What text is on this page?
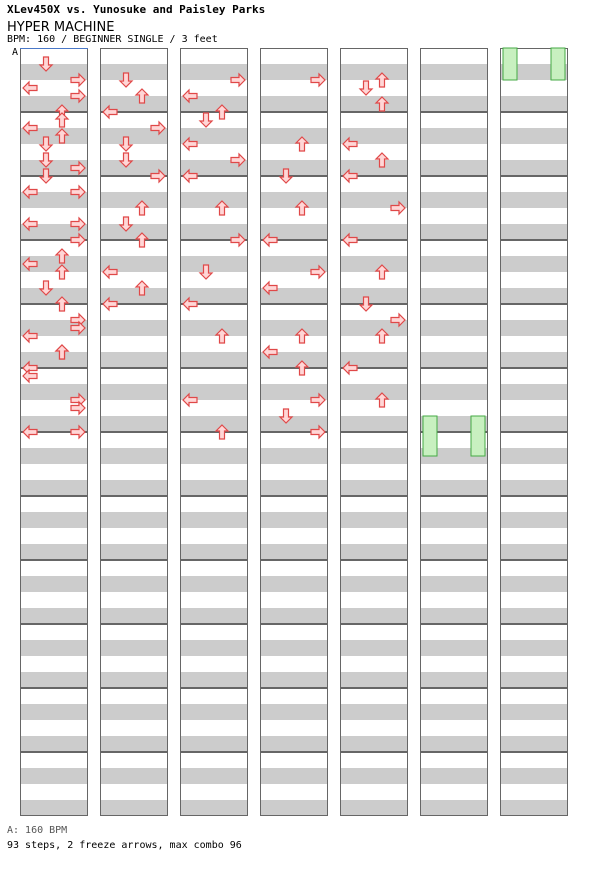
XLev450X vs. Yunosuke and Paisley Parks
HYPER MACHINE
BPM: 160 / BEGINNER SINGLE / 3 feet
A
A: 160 BPM
93 steps, 2 freeze arrows, max combo 96
